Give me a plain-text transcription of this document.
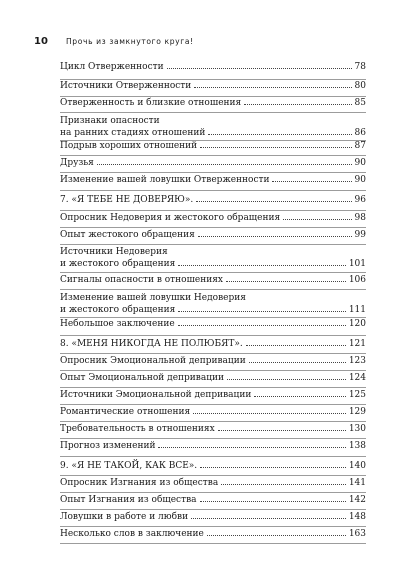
10 Прочь из замкнутого круга!
Цикл Отверженности	78
Источники Отверженности	80
Отверженность и близкие отношения	85
Признаки опасности
на ранних стадиях отношений	86
Подрыв хороших отношений	87
Друзья	90
Изменение вашей ловушки Отверженности	90
7. «Я ТЕБЕ НЕ ДОВЕРЯЮ».	96
Опросник Недоверия и жестокого обращения	98
Опыт жестокого обращения	99
Источники Недоверия
и жестокого обращения	101
Сигналы опасности в отношениях	106
Изменение вашей ловушки Недоверия
и жестокого обращения	111
Небольшое заключение	120
8. «МЕНЯ НИКОГДА НЕ ПОЛЮБЯТ».	121
Опросник Эмоциональной депривации	123
Опыт Эмоциональной депривации	124
Источники Эмоциональной депривации	125
Романтические отношения	129
Требовательность в отношениях	130
Прогноз изменений	138
9. «Я НЕ ТАКОЙ, КАК ВСЕ».	140
Опросник Изгнания из общества	141
Опыт Изгнания из общества	142
Ловушки в работе и любви	148
Несколько слов в заключение	163
